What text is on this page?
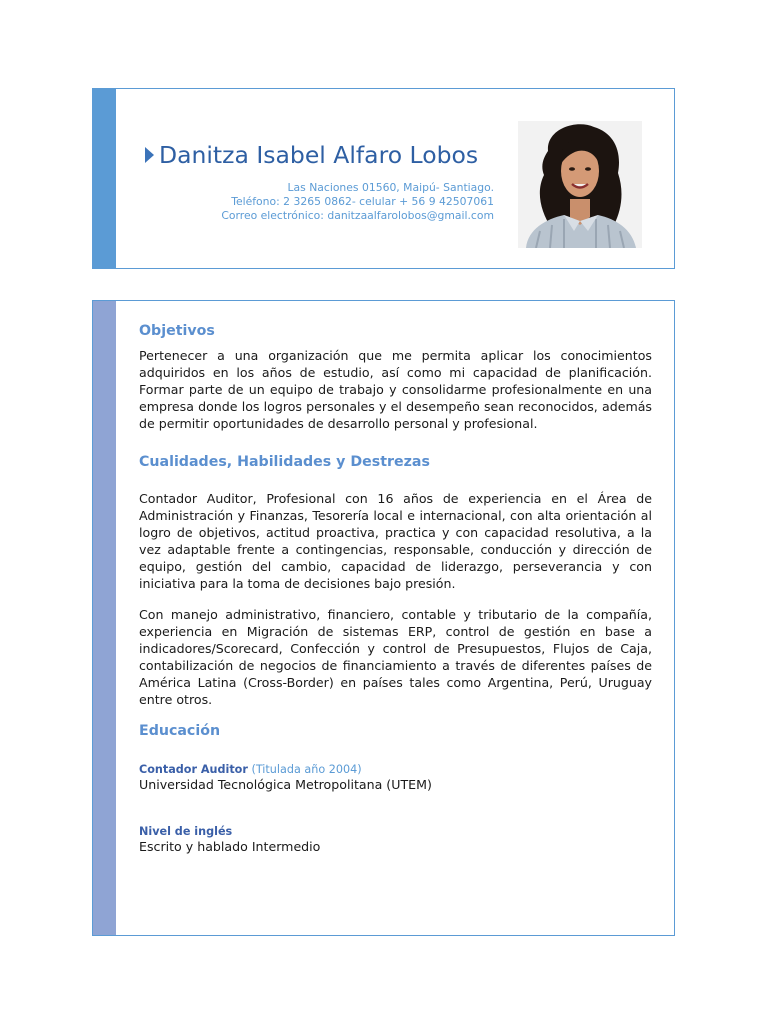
Danitza Isabel Alfaro Lobos
Las Naciones 01560, Maipú- Santiago.
Teléfono: 2 3265 0862- celular + 56 9 42507061
Correo electrónico: danitzaalfarolobos@gmail.com
Objetivos
Pertenecer a una organización que me permita aplicar los conocimientos adquiridos en los años de estudio, así como mi capacidad de planificación. Formar parte de un equipo de trabajo y consolidarme profesionalmente en una empresa donde los logros personales y el desempeño sean reconocidos, además de permitir oportunidades de desarrollo personal y profesional.
Cualidades, Habilidades y Destrezas
Contador Auditor, Profesional con 16 años de experiencia en el Área de Administración y Finanzas, Tesorería local e internacional, con alta orientación al logro de objetivos, actitud proactiva, practica y con capacidad resolutiva, a la vez adaptable frente a contingencias, responsable, conducción y dirección de equipo, gestión del cambio, capacidad de liderazgo, perseverancia y con iniciativa para la toma de decisiones bajo presión.
Con manejo administrativo, financiero, contable y tributario de la compañía, experiencia en Migración de sistemas ERP, control de gestión en base a indicadores/Scorecard, Confección y control de Presupuestos, Flujos de Caja, contabilización de negocios de financiamiento a través de diferentes países de América Latina (Cross-Border) en países tales como Argentina, Perú, Uruguay entre otros.
Educación
Contador Auditor (Titulada año 2004)
Universidad Tecnológica Metropolitana (UTEM)
Nivel de inglés
Escrito y hablado Intermedio
